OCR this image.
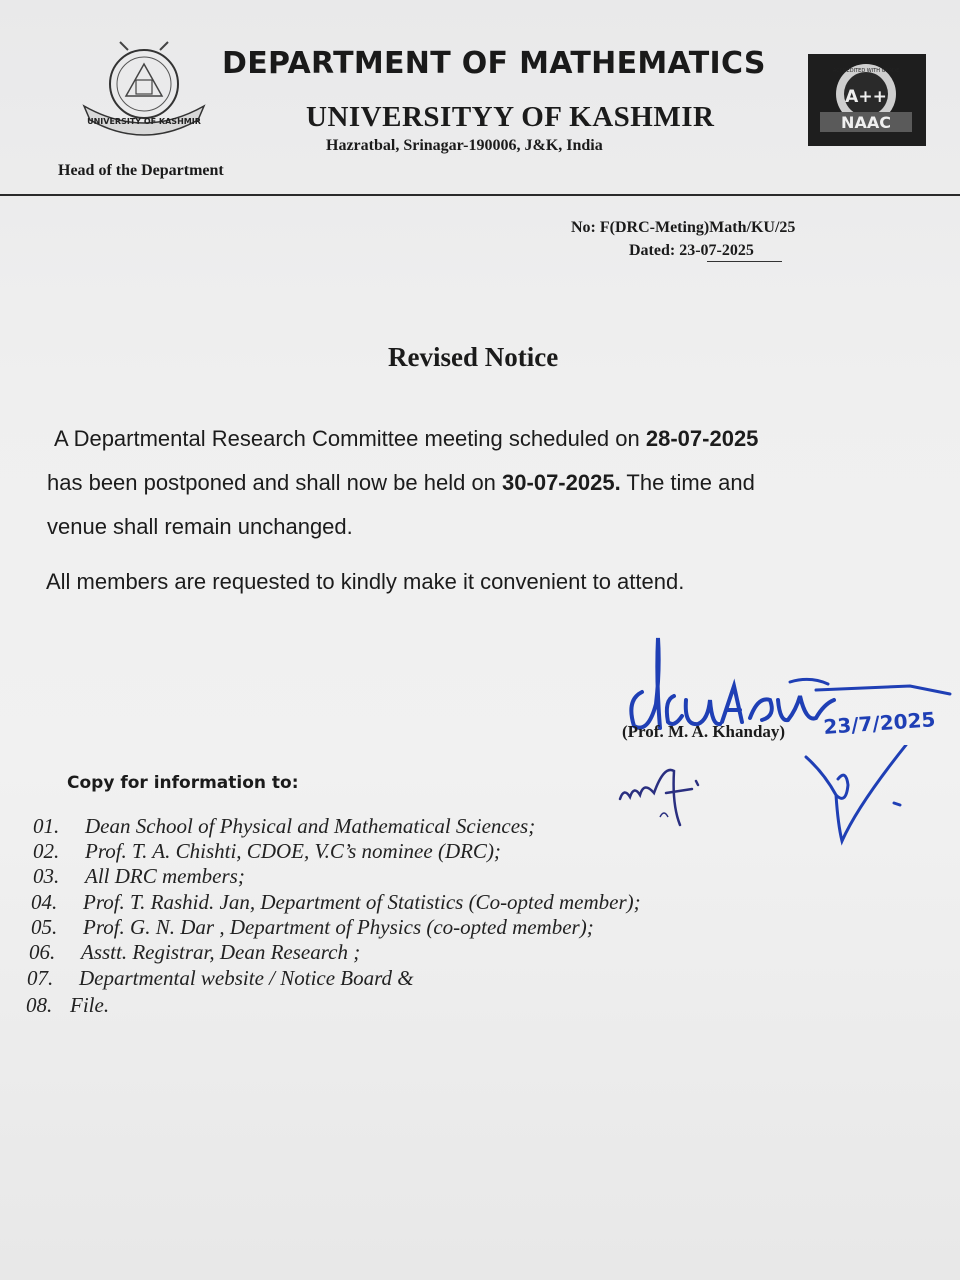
UNIVERSITY OF KASHMIR
DEPARTMENT OF MATHEMATICS
UNIVERSITYY OF KASHMIR
Hazratbal, Srinagar-190006, J&K, India
Head of the Department
A++
ACCREDITED WITH GRADE
NAAC
No: F(DRC-Meting)Math/KU/25
Dated: 23-07-2025
Revised Notice
A Departmental Research Committee meeting scheduled on 28-07-2025
has been postponed and shall now be held on 30-07-2025. The time and
venue shall remain unchanged.
All members are requested to kindly make it convenient to attend.
23/7/2025
(Prof. M. A. Khanday)
Copy for information to:
01. Dean School of Physical and Mathematical Sciences;
02. Prof. T. A. Chishti, CDOE, V.C’s nominee (DRC);
03. All DRC members;
04. Prof. T. Rashid. Jan, Department of Statistics (Co-opted member);
05. Prof. G. N. Dar , Department of Physics (co-opted member);
06. Asstt. Registrar, Dean Research ;
07. Departmental website / Notice Board &
08. File.
